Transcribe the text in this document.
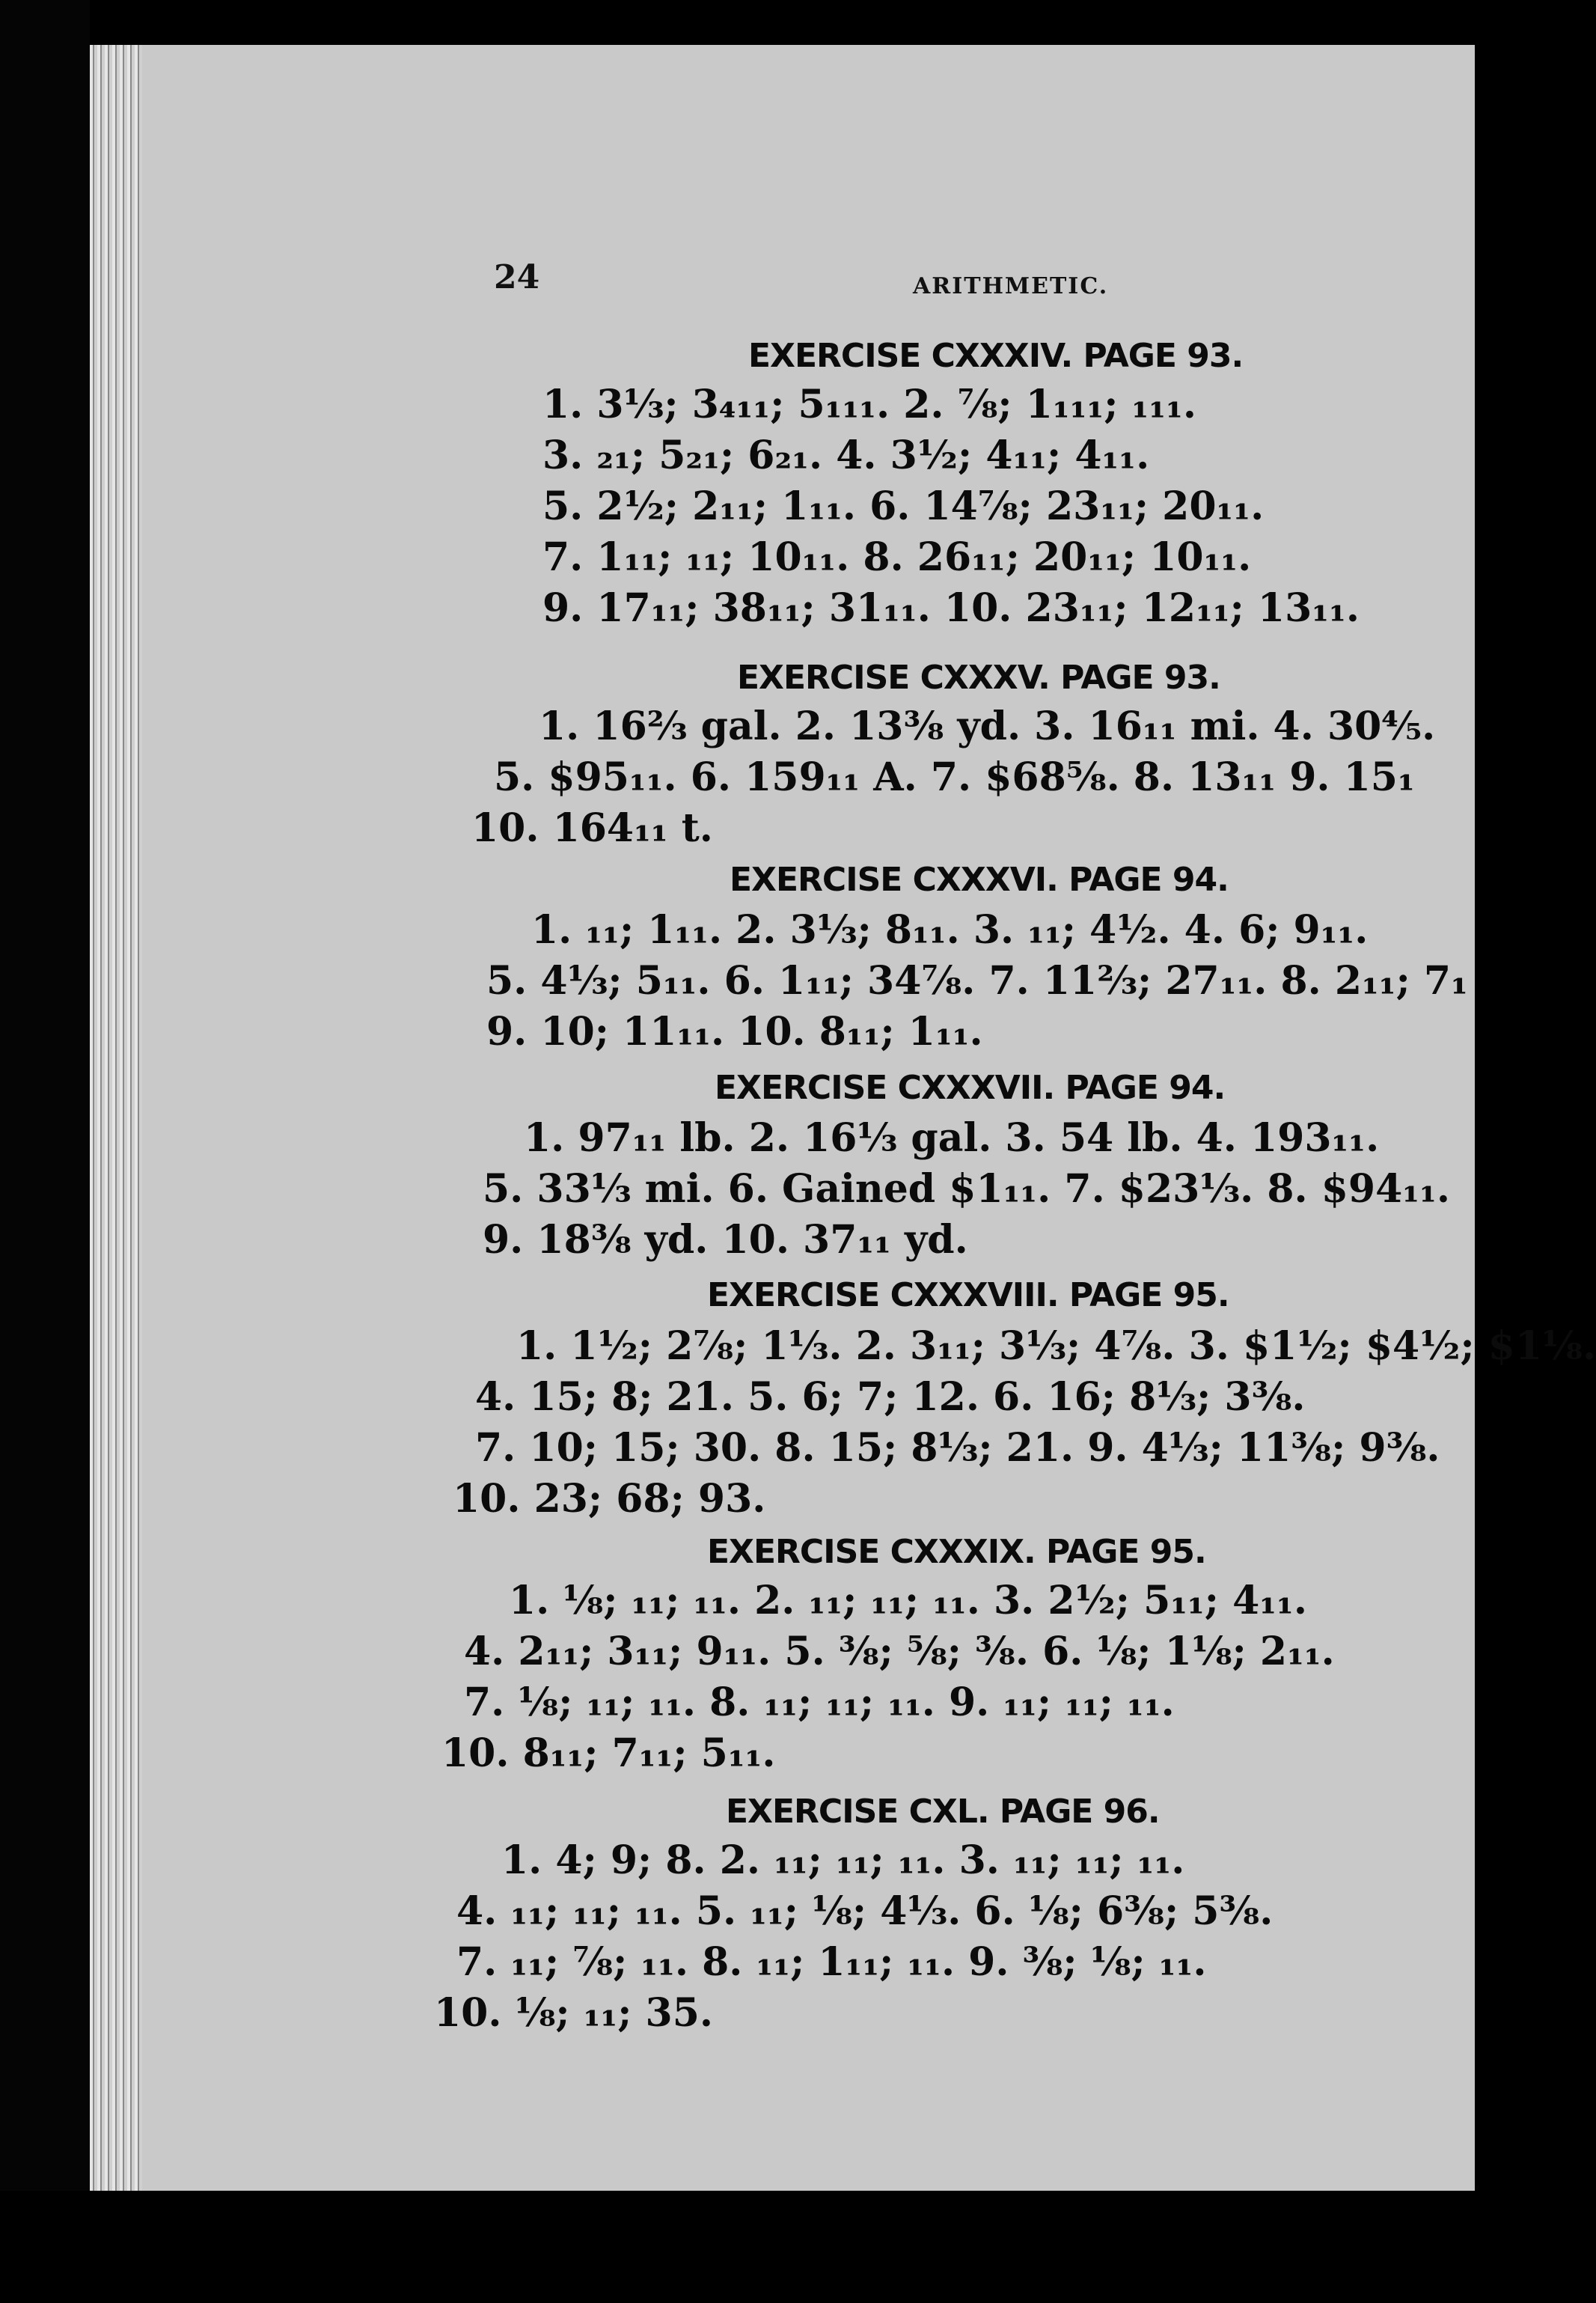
24	ARITHMETIC.
EXERCISE CXXXIV. PAGE 93.
1. 3⅓; 3₄₁₁; 5₁₁₁. 2. ⅞; 1₁₁₁; ₁₁₁.
3. ₂₁; 5₂₁; 6₂₁. 4. 3½; 4₁₁; 4₁₁.
5. 2½; 2₁₁; 1₁₁. 6. 14⅞; 23₁₁; 20₁₁.
7. 1₁₁; ₁₁; 10₁₁. 8. 26₁₁; 20₁₁; 10₁₁.
9. 17₁₁; 38₁₁; 31₁₁. 10. 23₁₁; 12₁₁; 13₁₁.
EXERCISE CXXXV. PAGE 93.
1. 16⅔ gal. 2. 13⅜ yd. 3. 16₁₁ mi. 4. 30⅘.
5. $95₁₁. 6. 159₁₁ A. 7. $68⅝. 8. 13₁₁ 9. 15₁
10. 164₁₁ t.
EXERCISE CXXXVI. PAGE 94.
1. ₁₁; 1₁₁. 2. 3⅓; 8₁₁. 3. ₁₁; 4½. 4. 6; 9₁₁.
5. 4⅓; 5₁₁. 6. 1₁₁; 34⅞. 7. 11⅔; 27₁₁. 8. 2₁₁; 7₁
9. 10; 11₁₁. 10. 8₁₁; 1₁₁.
EXERCISE CXXXVII. PAGE 94.
1. 97₁₁ lb. 2. 16⅓ gal. 3. 54 lb. 4. 193₁₁.
5. 33⅓ mi. 6. Gained $1₁₁. 7. $23⅓. 8. $94₁₁.
9. 18⅜ yd. 10. 37₁₁ yd.
EXERCISE CXXXVIII. PAGE 95.
1. 1½; 2⅞; 1⅓. 2. 3₁₁; 3⅓; 4⅞. 3. $1½; $4½; $1⅛.
4. 15; 8; 21. 5. 6; 7; 12. 6. 16; 8⅓; 3⅜.
7. 10; 15; 30. 8. 15; 8⅓; 21. 9. 4⅓; 11⅜; 9⅜.
10. 23; 68; 93.
EXERCISE CXXXIX. PAGE 95.
1. ⅛; ₁₁; ₁₁. 2. ₁₁; ₁₁; ₁₁. 3. 2½; 5₁₁; 4₁₁.
4. 2₁₁; 3₁₁; 9₁₁. 5. ⅜; ⅝; ⅜. 6. ⅛; 1⅛; 2₁₁.
7. ⅛; ₁₁; ₁₁. 8. ₁₁; ₁₁; ₁₁. 9. ₁₁; ₁₁; ₁₁.
10. 8₁₁; 7₁₁; 5₁₁.
EXERCISE CXL. PAGE 96.
1. 4; 9; 8. 2. ₁₁; ₁₁; ₁₁. 3. ₁₁; ₁₁; ₁₁.
4. ₁₁; ₁₁; ₁₁. 5. ₁₁; ⅛; 4⅓. 6. ⅛; 6⅜; 5⅜.
7. ₁₁; ⅞; ₁₁. 8. ₁₁; 1₁₁; ₁₁. 9. ⅜; ⅛; ₁₁.
10. ⅛; ₁₁; 35.
